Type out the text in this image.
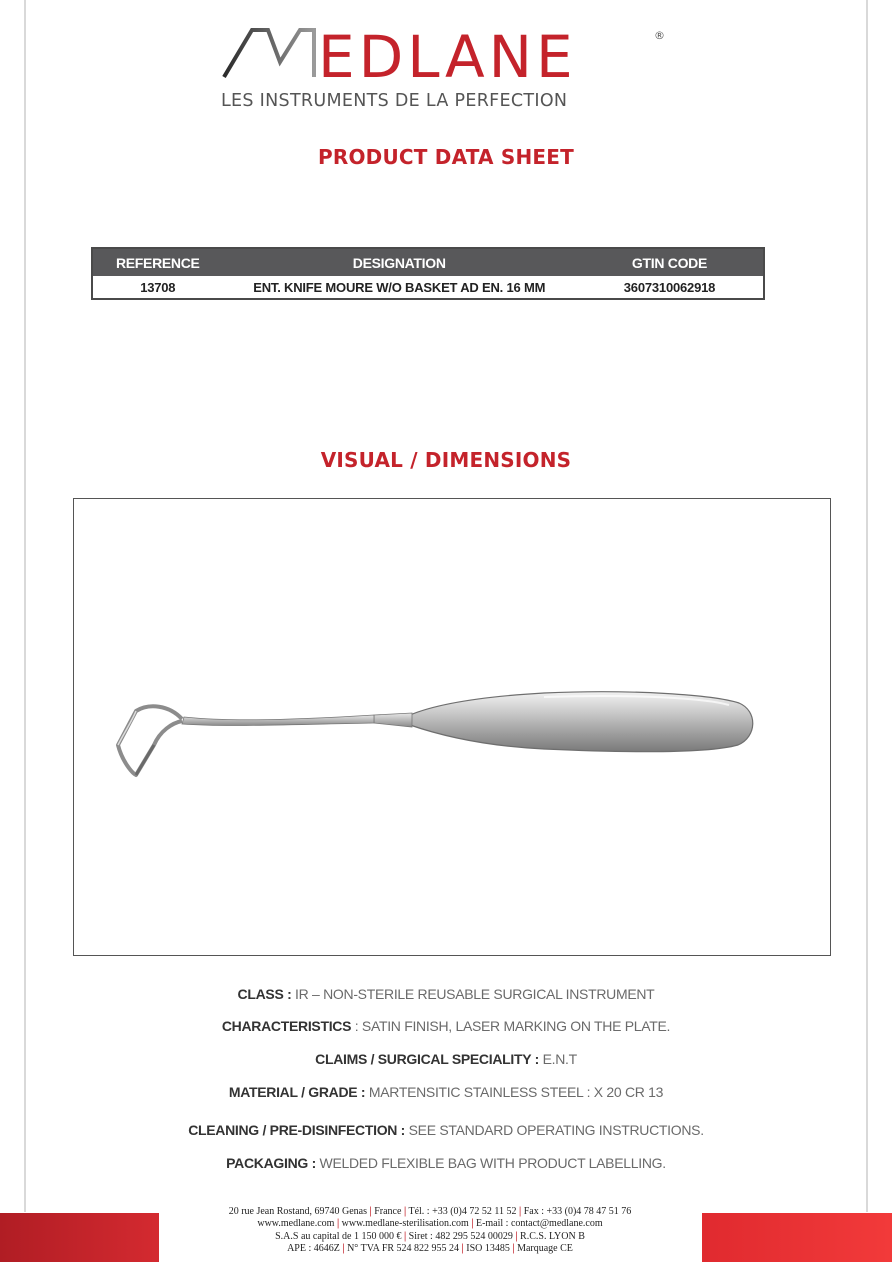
EDLANE	®
LES INSTRUMENTS DE LA PERFECTION
PRODUCT DATA SHEET
REFERENCE	DESIGNATION	GTIN CODE
13708	ENT. KNIFE MOURE W/O BASKET AD EN. 16 MM	3607310062918
VISUAL / DIMENSIONS
CLASS : IR – NON-STERILE REUSABLE SURGICAL INSTRUMENT
CHARACTERISTICS : SATIN FINISH, LASER MARKING ON THE PLATE.
CLAIMS / SURGICAL SPECIALITY : E.N.T
MATERIAL / GRADE : MARTENSITIC STAINLESS STEEL : X 20 CR 13
CLEANING / PRE-DISINFECTION : SEE STANDARD OPERATING INSTRUCTIONS.
PACKAGING : WELDED FLEXIBLE BAG WITH PRODUCT LABELLING.
20 rue Jean Rostand, 69740 Genas | France | Tél. : +33 (0)4 72 52 11 52 | Fax : +33 (0)4 78 47 51 76
www.medlane.com | www.medlane-sterilisation.com | E-mail : contact@medlane.com
S.A.S au capital de 1 150 000 € | Siret : 482 295 524 00029 | R.C.S. LYON B
APE : 4646Z | N° TVA FR 524 822 955 24 | ISO 13485 | Marquage CE
